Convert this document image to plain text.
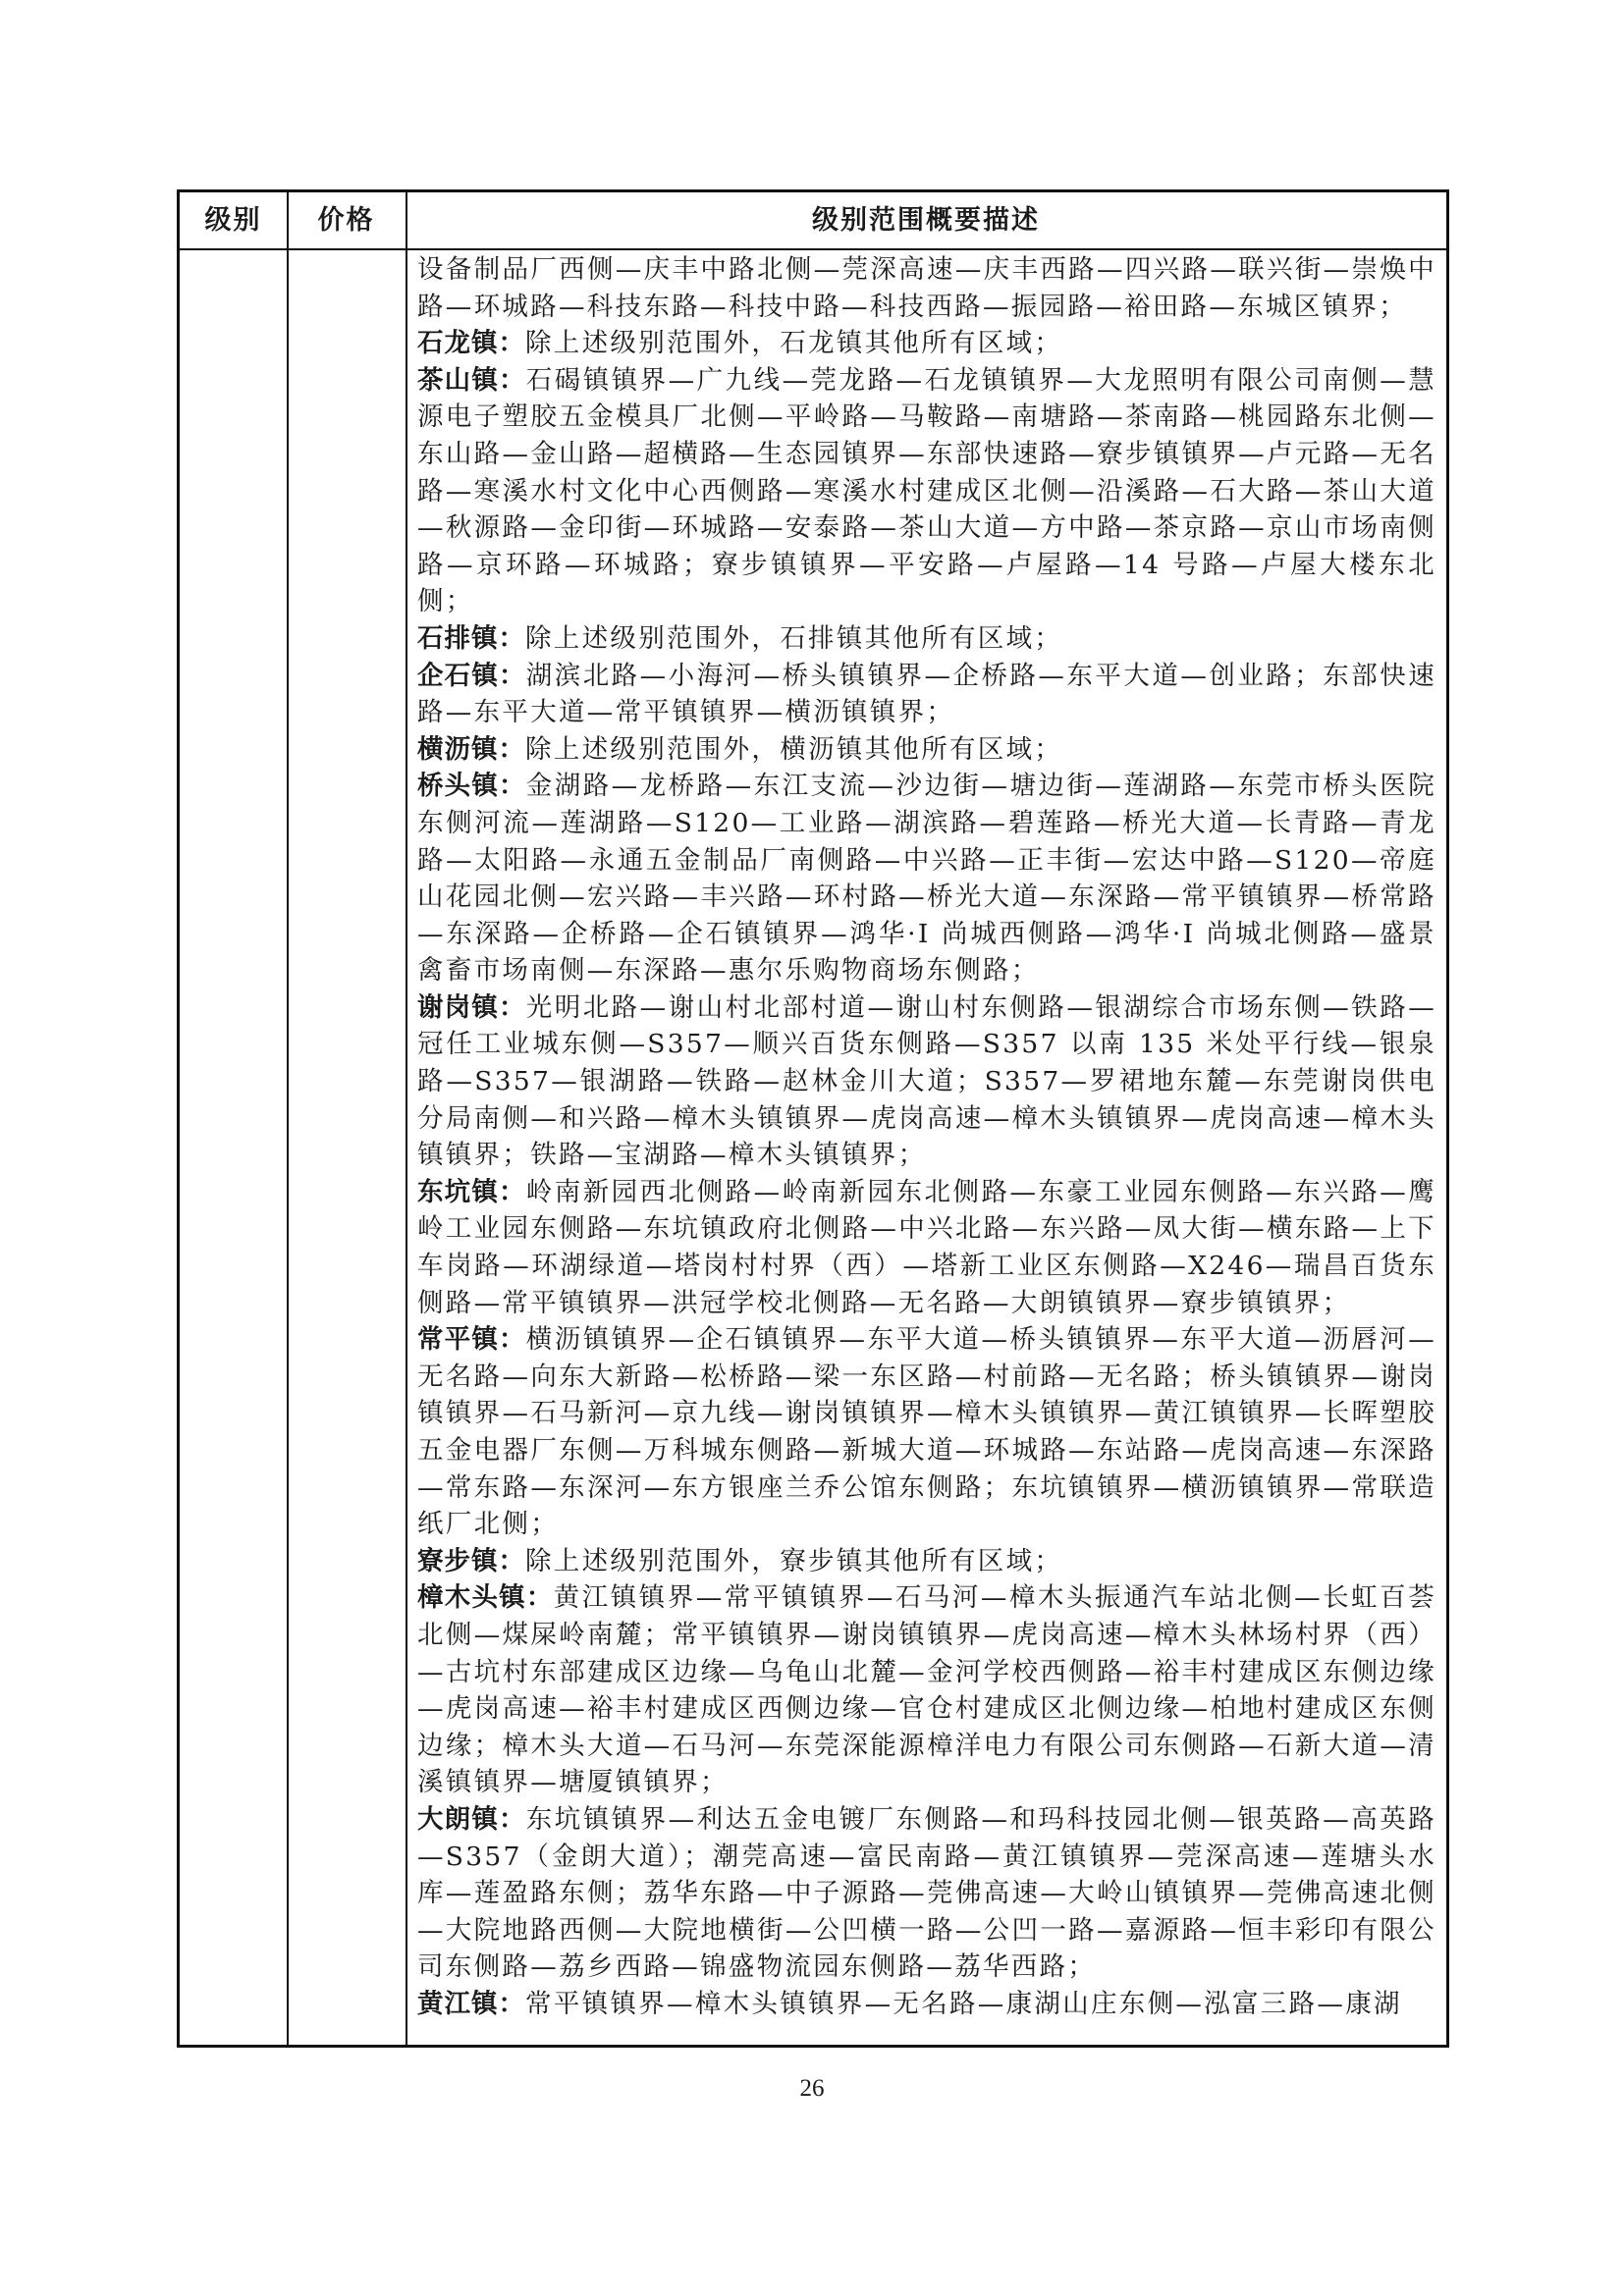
级别	价格	级别范围概要描述

设备制品厂西侧—庆丰中路北侧—莞深高速—庆丰西路—四兴路—联兴街—崇焕中路—环城路—科技东路—科技中路—科技西路—振园路—裕田路—东城区镇界；

石龙镇：除上述级别范围外，石龙镇其他所有区域；

茶山镇：石碣镇镇界—广九线—莞龙路—石龙镇镇界—大龙照明有限公司南侧—慧源电子塑胶五金模具厂北侧—平岭路—马鞍路—南塘路—茶南路—桃园路东北侧—东山路—金山路—超横路—生态园镇界—东部快速路—寮步镇镇界—卢元路—无名路—寒溪水村文化中心西侧路—寒溪水村建成区北侧—沿溪路—石大路—茶山大道—秋源路—金印街—环城路—安泰路—茶山大道—方中路—茶京路—京山市场南侧路—京环路—环城路；寮步镇镇界—平安路—卢屋路—14 号路—卢屋大楼东北侧；

石排镇：除上述级别范围外，石排镇其他所有区域；

企石镇：湖滨北路—小海河—桥头镇镇界—企桥路—东平大道—创业路；东部快速路—东平大道—常平镇镇界—横沥镇镇界；

横沥镇：除上述级别范围外，横沥镇其他所有区域；

桥头镇：金湖路—龙桥路—东江支流—沙边街—塘边街—莲湖路—东莞市桥头医院东侧河流—莲湖路—S120—工业路—湖滨路—碧莲路—桥光大道—长青路—青龙路—太阳路—永通五金制品厂南侧路—中兴路—正丰街—宏达中路—S120—帝庭山花园北侧—宏兴路—丰兴路—环村路—桥光大道—东深路—常平镇镇界—桥常路—东深路—企桥路—企石镇镇界—鸿华·I 尚城西侧路—鸿华·I 尚城北侧路—盛景禽畜市场南侧—东深路—惠尔乐购物商场东侧路；

谢岗镇：光明北路—谢山村北部村道—谢山村东侧路—银湖综合市场东侧—铁路—冠任工业城东侧—S357—顺兴百货东侧路—S357 以南 135 米处平行线—银泉路—S357—银湖路—铁路—赵林金川大道；S357—罗裙地东麓—东莞谢岗供电分局南侧—和兴路—樟木头镇镇界—虎岗高速—樟木头镇镇界—虎岗高速—樟木头镇镇界；铁路—宝湖路—樟木头镇镇界；

东坑镇：岭南新园西北侧路—岭南新园东北侧路—东豪工业园东侧路—东兴路—鹰岭工业园东侧路—东坑镇政府北侧路—中兴北路—东兴路—凤大街—横东路—上下车岗路—环湖绿道—塔岗村村界（西）—塔新工业区东侧路—X246—瑞昌百货东侧路—常平镇镇界—洪冠学校北侧路—无名路—大朗镇镇界—寮步镇镇界；

常平镇：横沥镇镇界—企石镇镇界—东平大道—桥头镇镇界—东平大道—沥唇河—无名路—向东大新路—松桥路—梁一东区路—村前路—无名路；桥头镇镇界—谢岗镇镇界—石马新河—京九线—谢岗镇镇界—樟木头镇镇界—黄江镇镇界—长晖塑胶五金电器厂东侧—万科城东侧路—新城大道—环城路—东站路—虎岗高速—东深路—常东路—东深河—东方银座兰乔公馆东侧路；东坑镇镇界—横沥镇镇界—常联造纸厂北侧；

寮步镇：除上述级别范围外，寮步镇其他所有区域；

樟木头镇：黄江镇镇界—常平镇镇界—石马河—樟木头振通汽车站北侧—长虹百荟北侧—煤屎岭南麓；常平镇镇界—谢岗镇镇界—虎岗高速—樟木头林场村界（西）—古坑村东部建成区边缘—乌龟山北麓—金河学校西侧路—裕丰村建成区东侧边缘—虎岗高速—裕丰村建成区西侧边缘—官仓村建成区北侧边缘—柏地村建成区东侧边缘；樟木头大道—石马河—东莞深能源樟洋电力有限公司东侧路—石新大道—清溪镇镇界—塘厦镇镇界；

大朗镇：东坑镇镇界—利达五金电镀厂东侧路—和玛科技园北侧—银英路—高英路—S357（金朗大道）；潮莞高速—富民南路—黄江镇镇界—莞深高速—莲塘头水库—莲盈路东侧；荔华东路—中子源路—莞佛高速—大岭山镇镇界—莞佛高速北侧—大院地路西侧—大院地横街—公凹横一路—公凹一路—嘉源路—恒丰彩印有限公司东侧路—荔乡西路—锦盛物流园东侧路—荔华西路；

黄江镇：常平镇镇界—樟木头镇镇界—无名路—康湖山庄东侧—泓富三路—康湖

26
